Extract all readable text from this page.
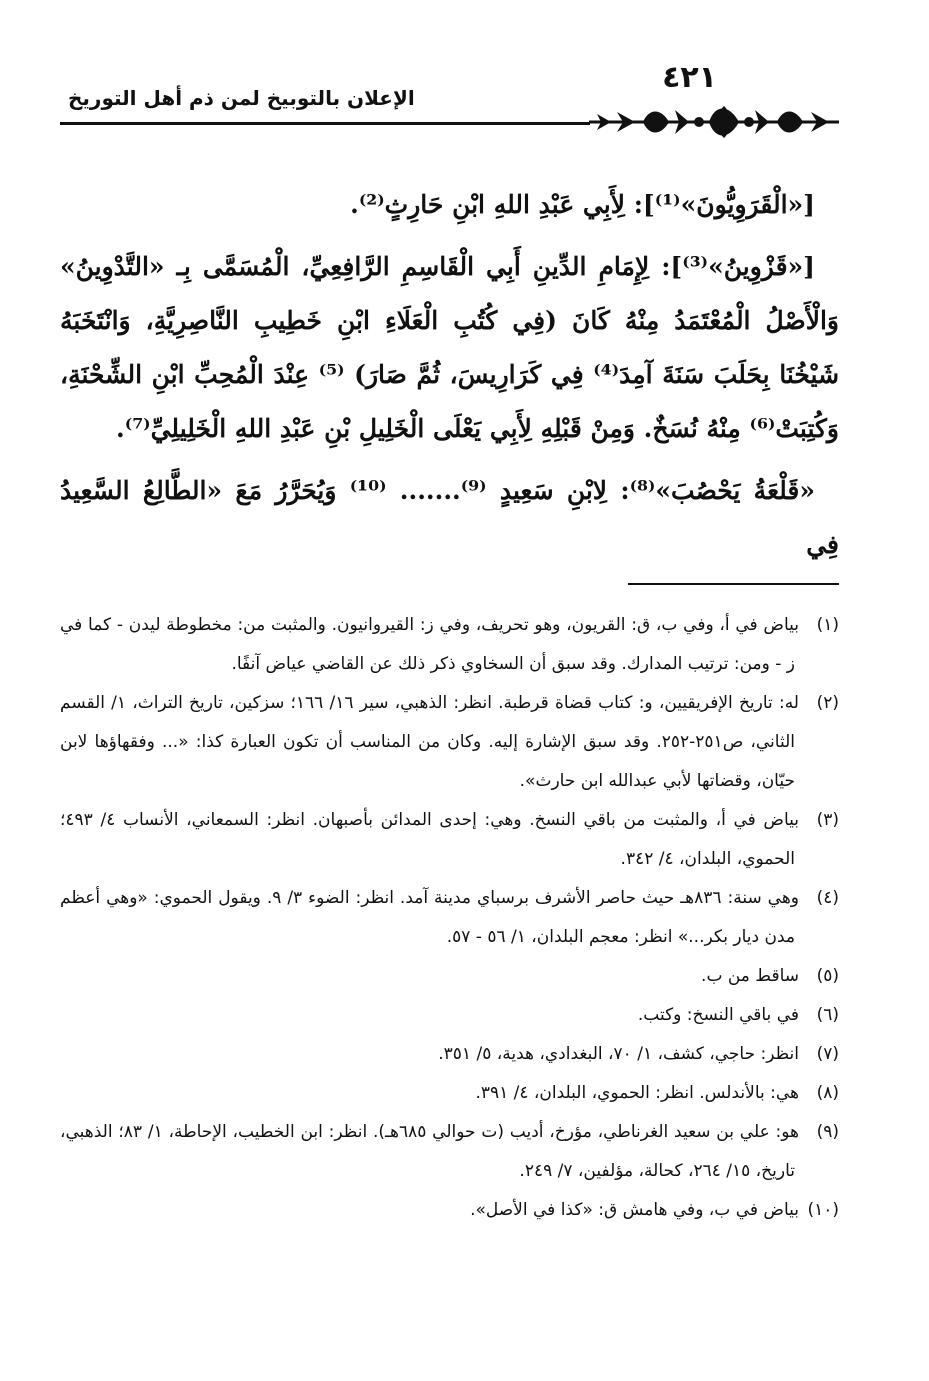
٤٢١
الإعلان بالتوبيخ لمن ذم أهل التوريخ

[«الْقَرَوِيُّونَ»⁽¹⁾]: لِأَبِي عَبْدِ اللهِ ابْنِ حَارِثٍ⁽²⁾.

[«قَزْوِينُ»⁽³⁾]: لِإِمَامِ الدِّينِ أَبِي الْقَاسِمِ الرَّافِعِيِّ، الْمُسَمَّى بِـ «التَّدْوِينُ» وَالْأَصْلُ الْمُعْتَمَدُ مِنْهُ كَانَ (فِي كُتُبِ الْعَلَاءِ ابْنِ خَطِيبِ النَّاصِرِيَّةِ، وَانْتَخَبَهُ شَيْخُنَا بِحَلَبَ سَنَةَ آمِدَ⁽⁴⁾ فِي كَرَارِيسَ، ثُمَّ صَارَ) ⁽⁵⁾ عِنْدَ الْمُحِبِّ ابْنِ الشِّحْنَةِ، وَكُتِبَتْ⁽⁶⁾ مِنْهُ نُسَخٌ. وَمِنْ قَبْلِهِ لِأَبِي يَعْلَى الْخَلِيلِ بْنِ عَبْدِ اللهِ الْخَلِيلِيِّ⁽⁷⁾.

«قَلْعَةُ يَحْصُبَ»⁽⁸⁾: لِابْنِ سَعِيدٍ ⁽⁹⁾....... ⁽¹⁰⁾ وَيُحَرَّرُ مَعَ «الطَّالِعُ السَّعِيدُ فِي

(١)بياض في أ، وفي ب، ق: القريون، وهو تحريف، وفي ز: القيروانيون. والمثبت من: مخطوطة ليدن - كما في ز - ومن: ترتيب المدارك. وقد سبق أن السخاوي ذكر ذلك عن القاضي عياض آنفًا.

(٢)له: تاريخ الإفريقيين، و: كتاب قضاة قرطبة. انظر: الذهبي، سير ١٦/ ١٦٦؛ سزكين، تاريخ التراث، ١/ القسم الثاني، ص٢٥١-٢٥٢. وقد سبق الإشارة إليه. وكان من المناسب أن تكون العبارة كذا: «... وفقهاؤها لابن حيّان، وقضاتها لأبي عبدالله ابن حارث».

(٣)بياض في أ، والمثبت من باقي النسخ. وهي: إحدى المدائن بأصبهان. انظر: السمعاني، الأنساب ٤/ ٤٩٣؛ الحموي، البلدان، ٤/ ٣٤٢.

(٤)وهي سنة: ٨٣٦هـ حيث حاصر الأشرف برسباي مدينة آمد. انظر: الضوء ٣/ ٩. ويقول الحموي: «وهي أعظم مدن ديار بكر...» انظر: معجم البلدان، ١/ ٥٦ - ٥٧.

(٥)ساقط من ب.

(٦)في باقي النسخ: وكتب.

(٧)انظر: حاجي، كشف، ١/ ٧٠، البغدادي، هدية، ٥/ ٣٥١.

(٨)هي: بالأندلس. انظر: الحموي، البلدان، ٤/ ٣٩١.

(٩)هو: علي بن سعيد الغرناطي، مؤرخ، أديب (ت حوالي ٦٨٥هـ). انظر: ابن الخطيب، الإحاطة، ١/ ٨٣؛ الذهبي، تاريخ، ١٥/ ٢٦٤، كحالة، مؤلفين، ٧/ ٢٤٩.

(١٠)بياض في ب، وفي هامش ق: «كذا في الأصل».
